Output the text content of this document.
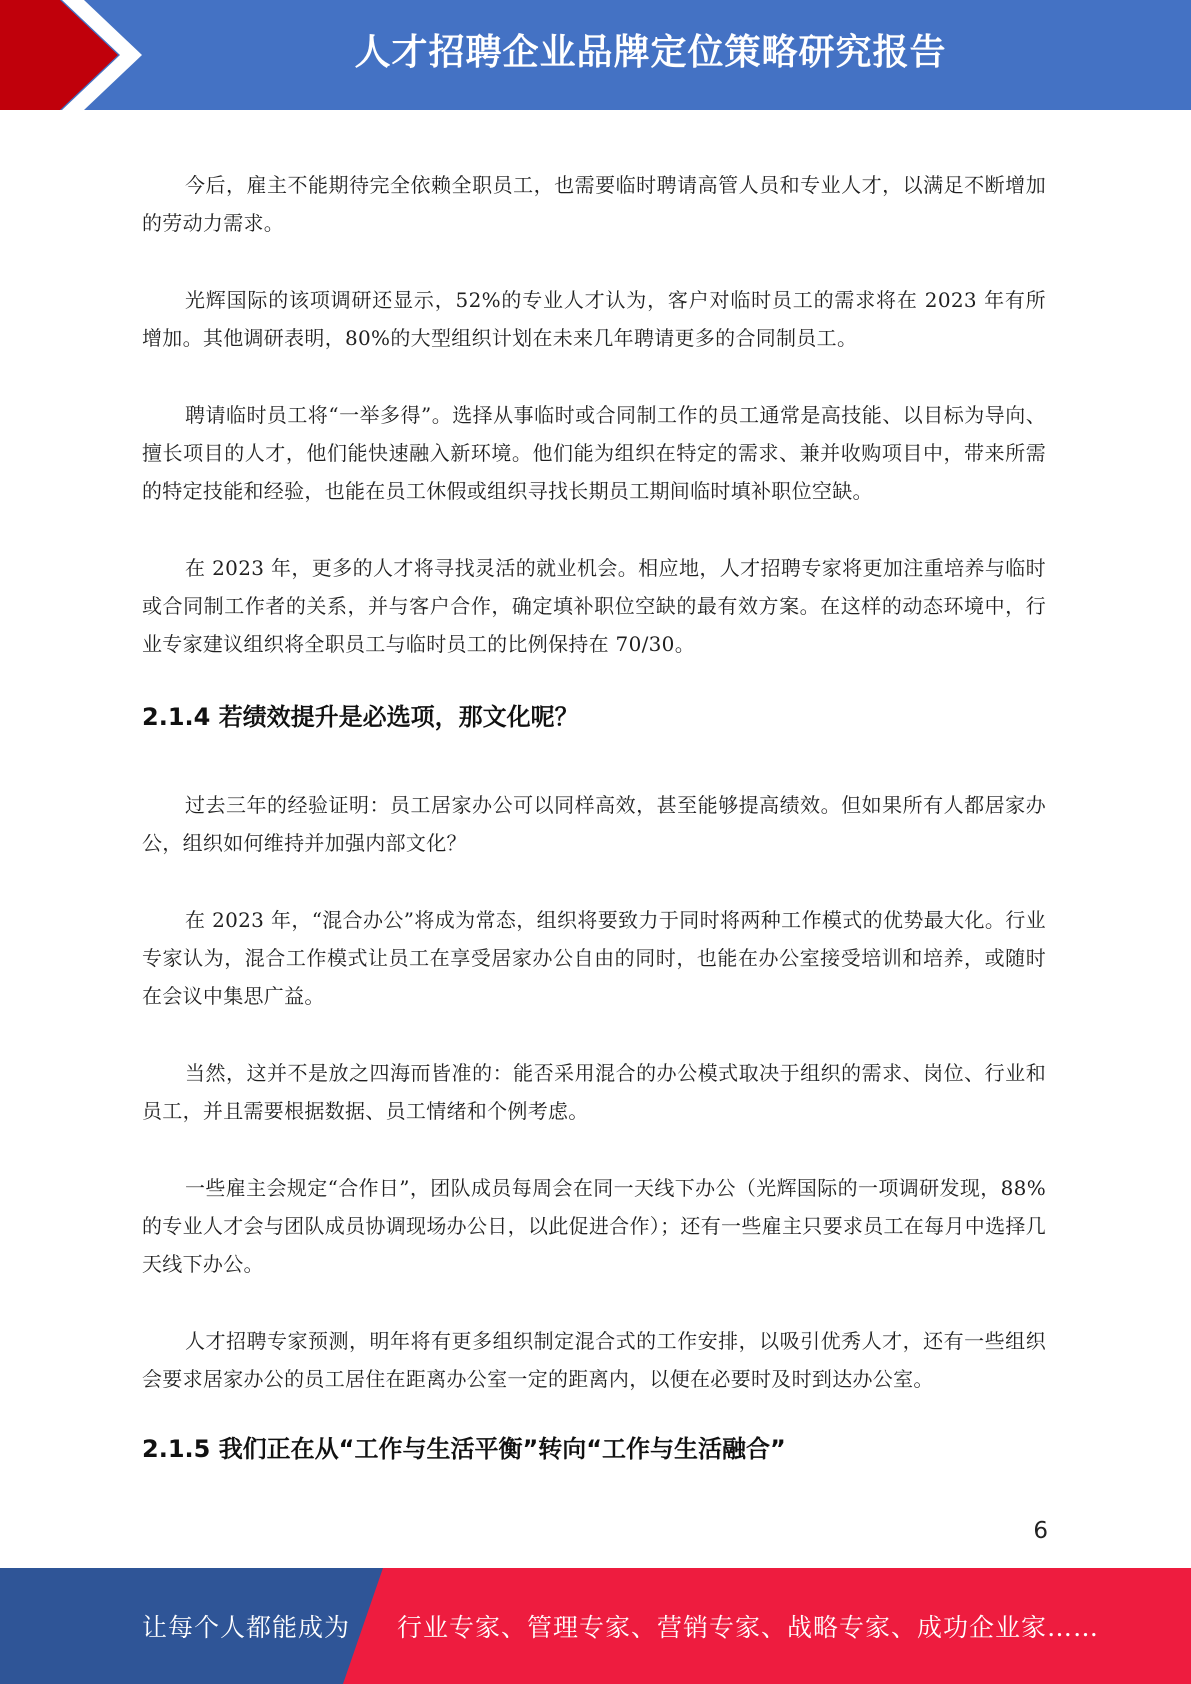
人才招聘企业品牌定位策略研究报告

今后，雇主不能期待完全依赖全职员工，也需要临时聘请高管人员和专业人才，以满足不断增加的劳动力需求。

光辉国际的该项调研还显示，52%的专业人才认为，客户对临时员工的需求将在 2023 年有所增加。其他调研表明，80%的大型组织计划在未来几年聘请更多的合同制员工。

聘请临时员工将“一举多得”。选择从事临时或合同制工作的员工通常是高技能、以目标为导向、擅长项目的人才，他们能快速融入新环境。他们能为组织在特定的需求、兼并收购项目中，带来所需的特定技能和经验，也能在员工休假或组织寻找长期员工期间临时填补职位空缺。

在 2023 年，更多的人才将寻找灵活的就业机会。相应地，人才招聘专家将更加注重培养与临时或合同制工作者的关系，并与客户合作，确定填补职位空缺的最有效方案。在这样的动态环境中，行业专家建议组织将全职员工与临时员工的比例保持在 70/30。

2.1.4 若绩效提升是必选项，那文化呢？

过去三年的经验证明：员工居家办公可以同样高效，甚至能够提高绩效。但如果所有人都居家办公，组织如何维持并加强内部文化？

在 2023 年，“混合办公”将成为常态，组织将要致力于同时将两种工作模式的优势最大化。行业专家认为，混合工作模式让员工在享受居家办公自由的同时，也能在办公室接受培训和培养，或随时在会议中集思广益。

当然，这并不是放之四海而皆准的：能否采用混合的办公模式取决于组织的需求、岗位、行业和员工，并且需要根据数据、员工情绪和个例考虑。

一些雇主会规定“合作日”，团队成员每周会在同一天线下办公（光辉国际的一项调研发现，88%的专业人才会与团队成员协调现场办公日，以此促进合作）；还有一些雇主只要求员工在每月中选择几天线下办公。

人才招聘专家预测，明年将有更多组织制定混合式的工作安排，以吸引优秀人才，还有一些组织会要求居家办公的员工居住在距离办公室一定的距离内，以便在必要时及时到达办公室。

2.1.5 我们正在从“工作与生活平衡”转向“工作与生活融合”
6
让每个人都能成为 行业专家、管理专家、营销专家、战略专家、成功企业家……
